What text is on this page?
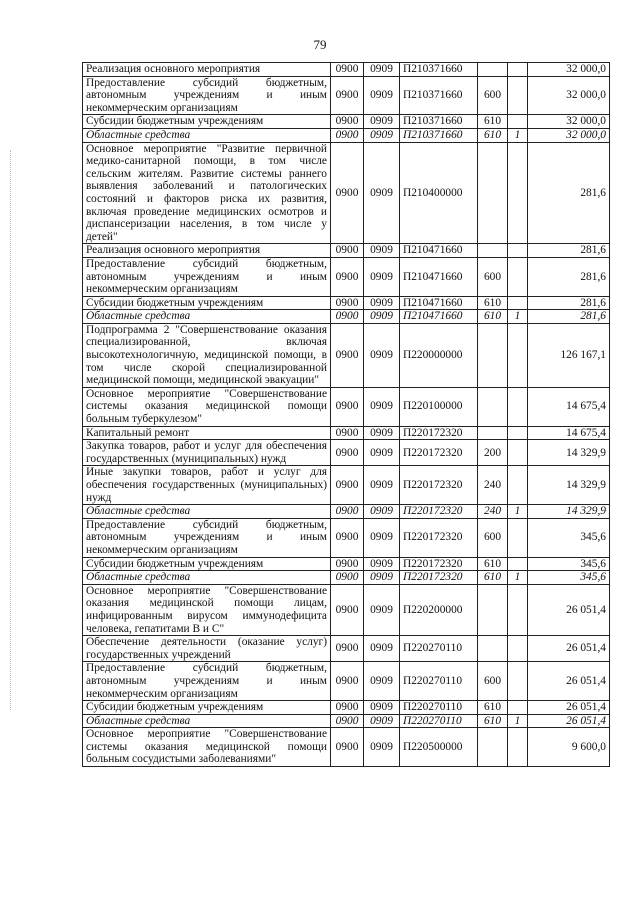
79
Реализация основного мероприятия	0900	0909	П210371660			32 000,0
Предоставление субсидий бюджетным, автономным учреждениям и иным некоммерческим организациям	0900	0909	П210371660	600		32 000,0
Субсидии бюджетным учреждениям	0900	0909	П210371660	610		32 000,0
Областные средства	0900	0909	П210371660	610	1	32 000,0
Основное мероприятие "Развитие первичной медико-санитарной помощи, в том числе сельским жителям. Развитие системы раннего выявления заболеваний и патологических состояний и факторов риска их развития, включая проведение медицинских осмотров и диспансеризации населения, в том числе у детей"	0900	0909	П210400000			281,6
Реализация основного мероприятия	0900	0909	П210471660			281,6
Предоставление субсидий бюджетным, автономным учреждениям и иным некоммерческим организациям	0900	0909	П210471660	600		281,6
Субсидии бюджетным учреждениям	0900	0909	П210471660	610		281,6
Областные средства	0900	0909	П210471660	610	1	281,6
Подпрограмма 2 "Совершенствование оказания специализированной, включая высокотехнологичную, медицинской помощи, в том числе скорой специализированной медицинской помощи, медицинской эвакуации"	0900	0909	П220000000			126 167,1
Основное мероприятие "Совершенствование системы оказания медицинской помощи больным туберкулезом"	0900	0909	П220100000			14 675,4
Капитальный ремонт	0900	0909	П220172320			14 675,4
Закупка товаров, работ и услуг для обеспечения государственных (муниципальных) нужд	0900	0909	П220172320	200		14 329,9
Иные закупки товаров, работ и услуг для обеспечения государственных (муниципальных) нужд	0900	0909	П220172320	240		14 329,9
Областные средства	0900	0909	П220172320	240	1	14 329,9
Предоставление субсидий бюджетным, автономным учреждениям и иным некоммерческим организациям	0900	0909	П220172320	600		345,6
Субсидии бюджетным учреждениям	0900	0909	П220172320	610		345,6
Областные средства	0900	0909	П220172320	610	1	345,6
Основное мероприятие "Совершенствование оказания медицинской помощи лицам, инфицированным вирусом иммунодефицита человека, гепатитами В и С"	0900	0909	П220200000			26 051,4
Обеспечение деятельности (оказание услуг) государственных учреждений	0900	0909	П220270110			26 051,4
Предоставление субсидий бюджетным, автономным учреждениям и иным некоммерческим организациям	0900	0909	П220270110	600		26 051,4
Субсидии бюджетным учреждениям	0900	0909	П220270110	610		26 051,4
Областные средства	0900	0909	П220270110	610	1	26 051,4
Основное мероприятие "Совершенствование системы оказания медицинской помощи больным сосудистыми заболеваниями"	0900	0909	П220500000			9 600,0
